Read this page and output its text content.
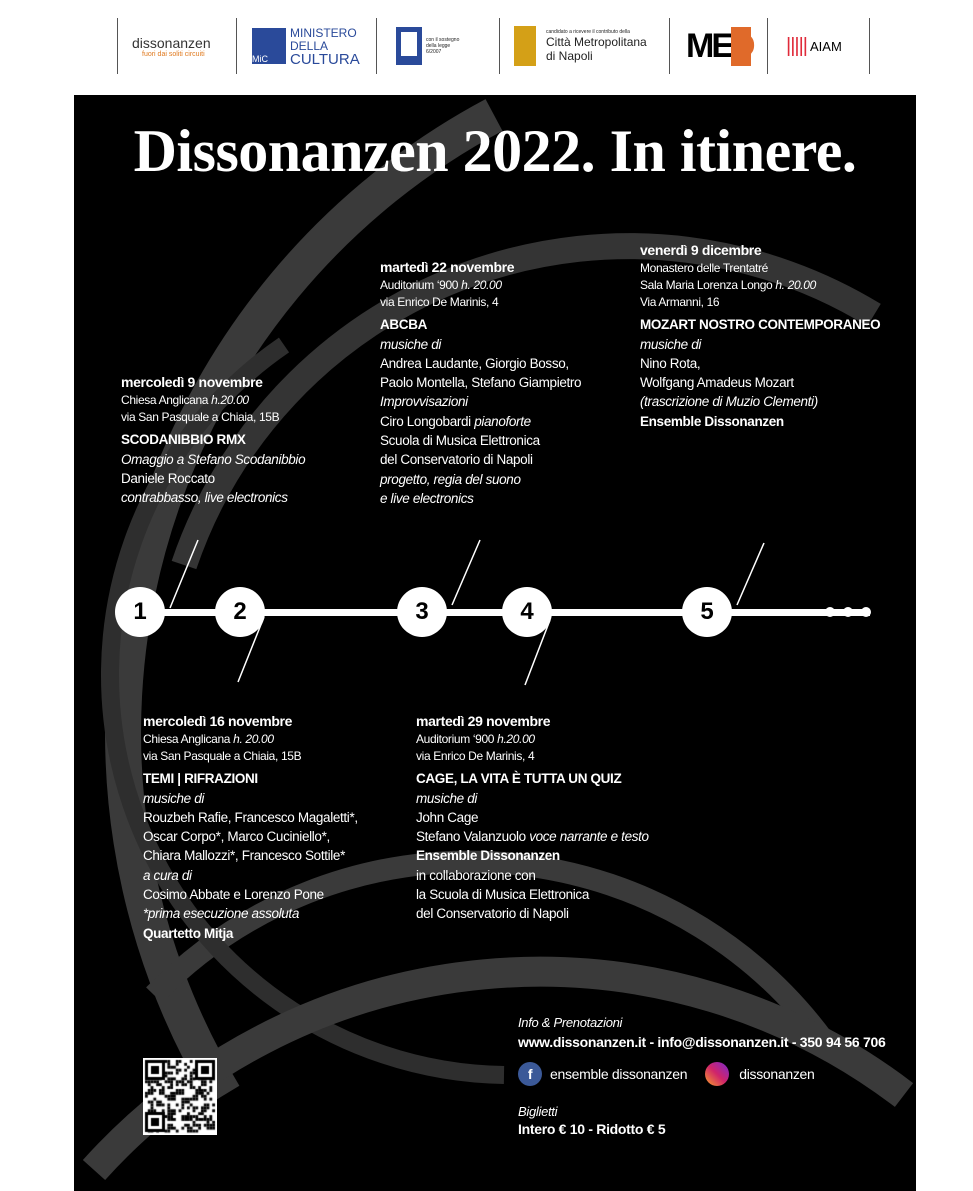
dissonanzen
fuori dai soliti circuiti	MiC
MINISTERO
DELLA
CULTURA
con il sostegno della legge 6/2007
candidato a ricevere il contributo della
Città Metropolitana
di Napoli	ME D ||||| AIAM
Dissonanzen 2022. In itinere.
1
mercoledì 9 novembre
Chiesa Anglicana h.20.00
via San Pasquale a Chiaia, 15B
SCODANIBBIO RMX
Omaggio a Stefano Scodanibbio
Daniele Roccato
contrabbasso, live electronics
2
mercoledì 16 novembre
Chiesa Anglicana h. 20.00
via San Pasquale a Chiaia, 15B
TEMI | RIFRAZIONI
musiche di
Rouzbeh Rafie, Francesco Magaletti*,
Oscar Corpo*, Marco Cuciniello*,
Chiara Mallozzi*, Francesco Sottile*
a cura di
Cosimo Abbate e Lorenzo Pone
*prima esecuzione assoluta
Quartetto Mitja
3
martedì 22 novembre
Auditorium ‘900 h. 20.00
via Enrico De Marinis, 4
ABCBA
musiche di
Andrea Laudante, Giorgio Bosso,
Paolo Montella, Stefano Giampietro
Improvvisazioni
Ciro Longobardi pianoforte
Scuola di Musica Elettronica
del Conservatorio di Napoli
progetto, regia del suono
e live electronics
4
martedì 29 novembre
Auditorium ‘900 h.20.00
via Enrico De Marinis, 4
CAGE, LA VITA È TUTTA UN QUIZ
musiche di
John Cage
Stefano Valanzuolo voce narrante e testo
Ensemble Dissonanzen
in collaborazione con
la Scuola di Musica Elettronica
del Conservatorio di Napoli
5
venerdì 9 dicembre
Monastero delle Trentatré
Sala Maria Lorenza Longo h. 20.00
Via Armanni, 16
MOZART NOSTRO CONTEMPORANEO
musiche di
Nino Rota,
Wolfgang Amadeus Mozart
(trascrizione di Muzio Clementi)
Ensemble Dissonanzen
Info & Prenotazioni
www.dissonanzen.it - info@dissonanzen.it - 350 94 56 706
f	ensemble dissonanzen	dissonanzen
Biglietti
Intero € 10 - Ridotto € 5
